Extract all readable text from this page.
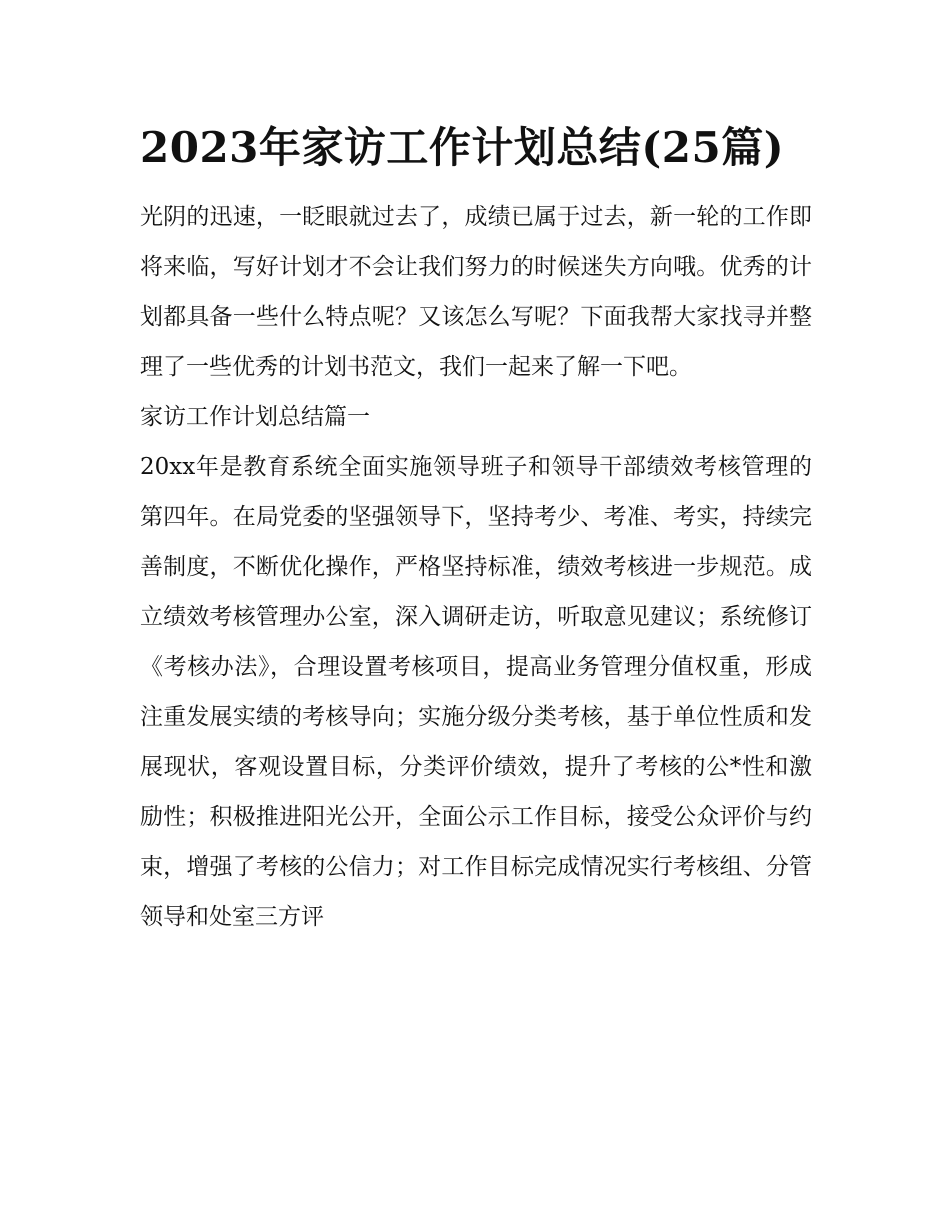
2023年家访工作计划总结(25篇)

光阴的迅速，一眨眼就过去了，成绩已属于过去，新一轮的工作即将来临，写好计划才不会让我们努力的时候迷失方向哦。优秀的计划都具备一些什么特点呢？又该怎么写呢？下面我帮大家找寻并整理了一些优秀的计划书范文，我们一起来了解一下吧。

家访工作计划总结篇一

20xx年是教育系统全面实施领导班子和领导干部绩效考核管理的第四年。在局党委的坚强领导下，坚持考少、考准、考实，持续完善制度，不断优化操作，严格坚持标准，绩效考核进一步规范。成立绩效考核管理办公室，深入调研走访，听取意见建议；系统修订《考核办法》，合理设置考核项目，提高业务管理分值权重，形成注重发展实绩的考核导向；实施分级分类考核，基于单位性质和发展现状，客观设置目标，分类评价绩效，提升了考核的公*性和激励性；积极推进阳光公开，全面公示工作目标，接受公众评价与约束，增强了考核的公信力；对工作目标完成情况实行考核组、分管领导和处室三方评
